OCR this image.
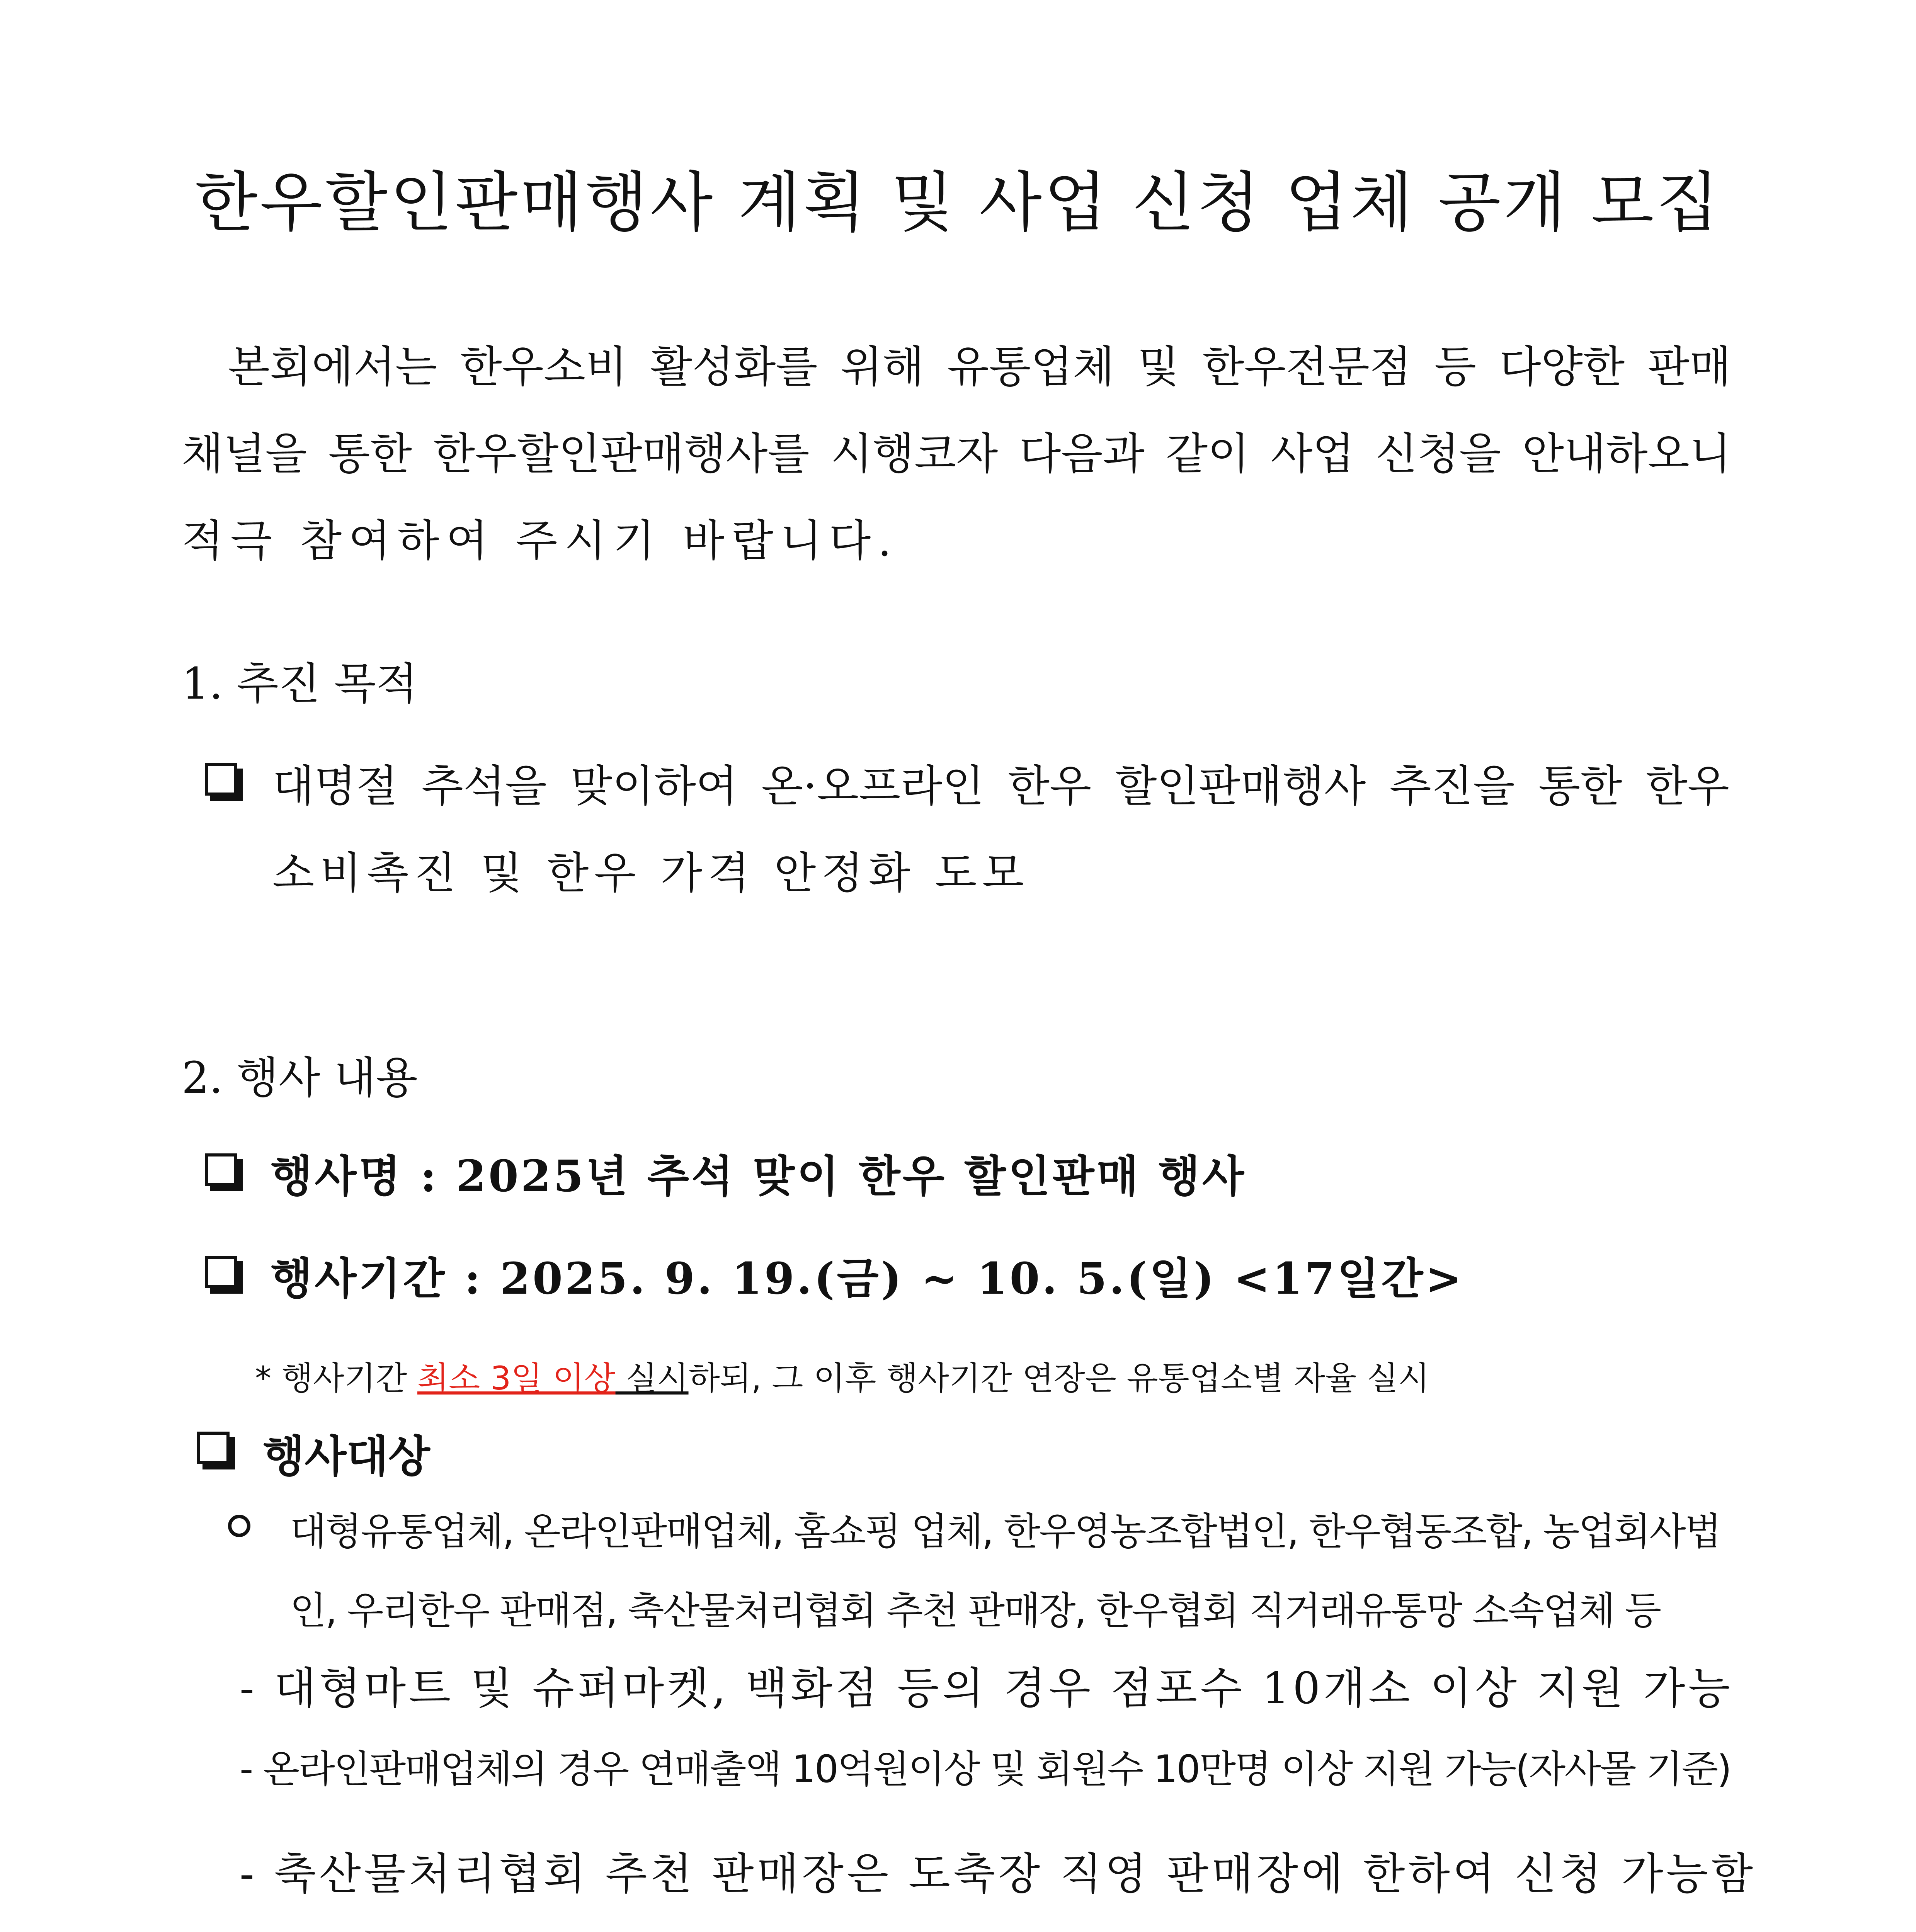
한우할인판매행사 계획 및 사업 신청 업체 공개 모집
본회에서는 한우소비 활성화를 위해 유통업체 및 한우전문점 등 다양한 판매
채널을 통한 한우할인판매행사를 시행코자 다음과 같이 사업 신청을 안내하오니
적극 참여하여 주시기 바랍니다.
1. 추진 목적
대명절 추석을 맞이하여 온·오프라인 한우 할인판매행사 추진을 통한 한우
소비촉진 및 한우 가격 안정화 도모
2. 행사 내용
행사명 : 2025년 추석 맞이 한우 할인판매 행사
행사기간 : 2025. 9. 19.(금) ~ 10. 5.(일) <17일간>
* 행사기간 최소 3일 이상 실시하되, 그 이후 행사기간 연장은 유통업소별 자율 실시
행사대상
대형유통업체, 온라인판매업체, 홈쇼핑 업체, 한우영농조합법인, 한우협동조합, 농업회사법
인, 우리한우 판매점, 축산물처리협회 추천 판매장, 한우협회 직거래유통망 소속업체 등
- 대형마트 및 슈퍼마켓, 백화점 등의 경우 점포수 10개소 이상 지원 가능
- 온라인판매업체의 경우 연매출액 10억원이상 및 회원수 10만명 이상 지원 가능(자사몰 기준)
- 축산물처리협회 추천 판매장은 도축장 직영 판매장에 한하여 신청 가능함
